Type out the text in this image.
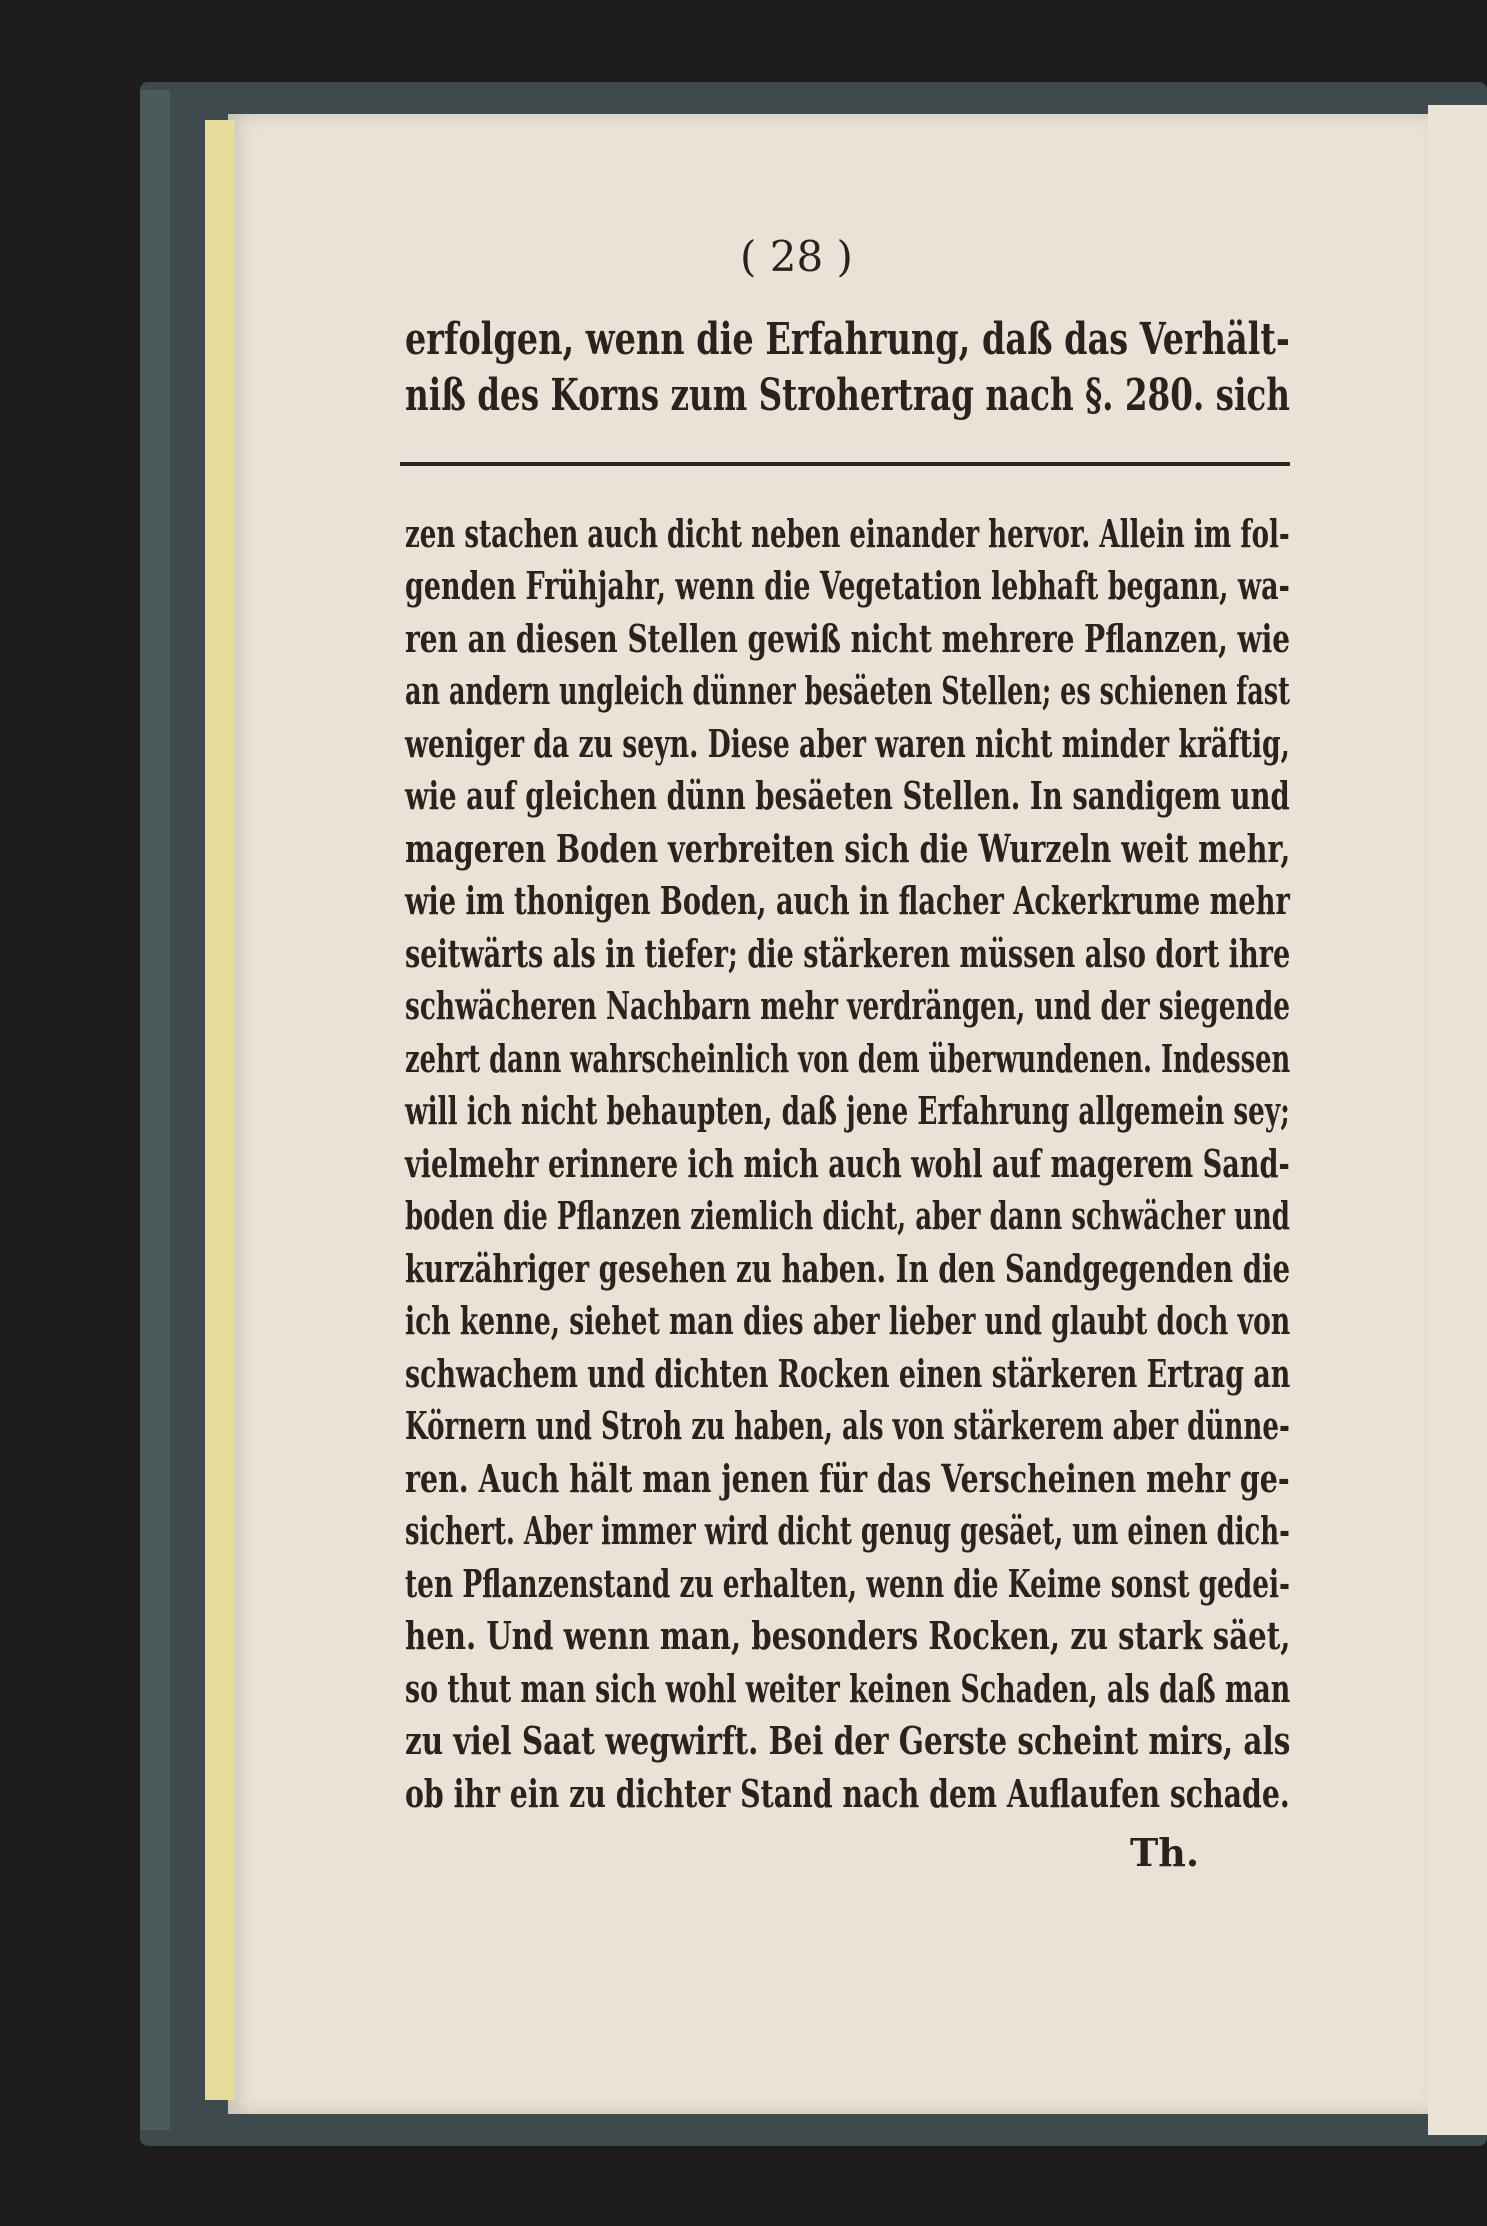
( 28 )
erfolgen, wenn die Erfahrung, daß das Verhält-
niß des Korns zum Strohertrag nach §. 280. sich
zen stachen auch dicht neben einander hervor. Allein im fol-
genden Frühjahr, wenn die Vegetation lebhaft begann, wa-
ren an diesen Stellen gewiß nicht mehrere Pflanzen, wie
an andern ungleich dünner besäeten Stellen; es schienen fast
weniger da zu seyn. Diese aber waren nicht minder kräftig,
wie auf gleichen dünn besäeten Stellen. In sandigem und
mageren Boden verbreiten sich die Wurzeln weit mehr,
wie im thonigen Boden, auch in flacher Ackerkrume mehr
seitwärts als in tiefer; die stärkeren müssen also dort ihre
schwächeren Nachbarn mehr verdrängen, und der siegende
zehrt dann wahrscheinlich von dem überwundenen. Indessen
will ich nicht behaupten, daß jene Erfahrung allgemein sey;
vielmehr erinnere ich mich auch wohl auf magerem Sand-
boden die Pflanzen ziemlich dicht, aber dann schwächer und
kurzähriger gesehen zu haben. In den Sandgegenden die
ich kenne, siehet man dies aber lieber und glaubt doch von
schwachem und dichten Rocken einen stärkeren Ertrag an
Körnern und Stroh zu haben, als von stärkerem aber dünne-
ren. Auch hält man jenen für das Verscheinen mehr ge-
sichert. Aber immer wird dicht genug gesäet, um einen dich-
ten Pflanzenstand zu erhalten, wenn die Keime sonst gedei-
hen. Und wenn man, besonders Rocken, zu stark säet,
so thut man sich wohl weiter keinen Schaden, als daß man
zu viel Saat wegwirft. Bei der Gerste scheint mirs, als
ob ihr ein zu dichter Stand nach dem Auflaufen schade.
Th.
